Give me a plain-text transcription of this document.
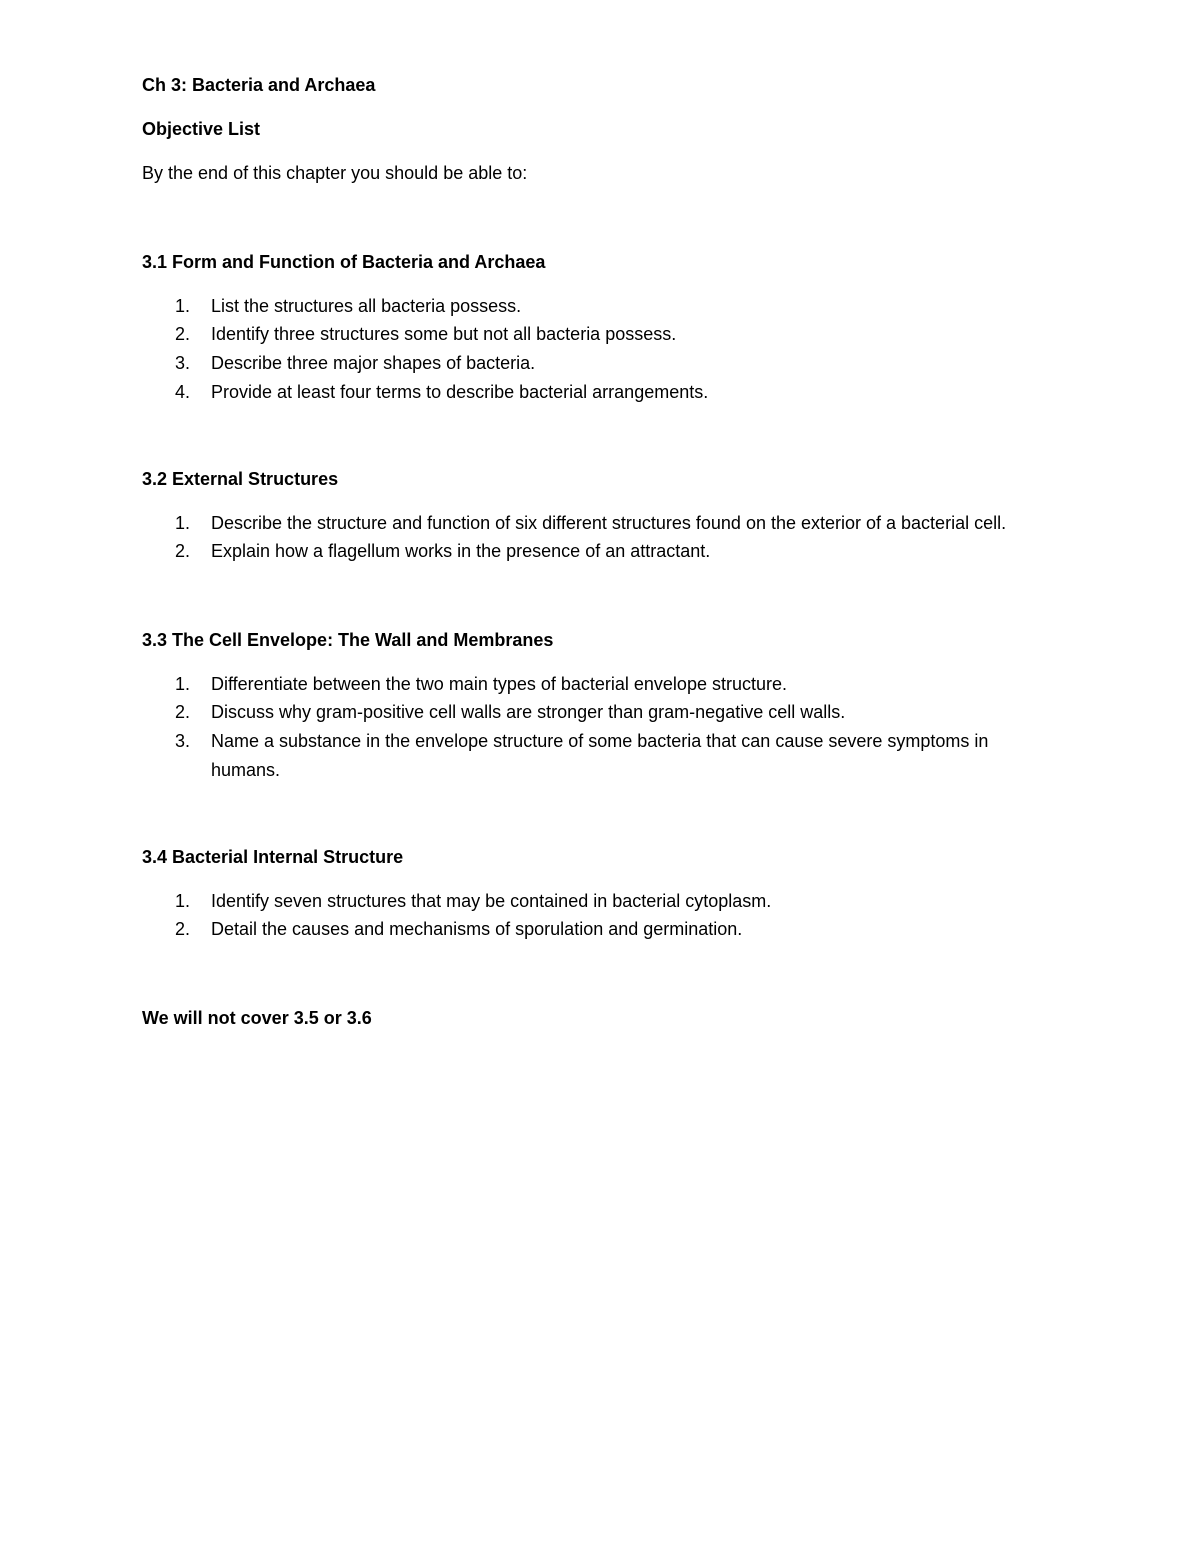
Ch 3: Bacteria and Archaea
Objective List
By the end of this chapter you should be able to:
3.1 Form and Function of Bacteria and Archaea
1.	List the structures all bacteria possess.
2.	Identify three structures some but not all bacteria possess.
3.	Describe three major shapes of bacteria.
4.	Provide at least four terms to describe bacterial arrangements.
3.2 External Structures
1.	Describe the structure and function of six different structures found on the exterior of a bacterial cell.
2.	Explain how a flagellum works in the presence of an attractant.
3.3 The Cell Envelope: The Wall and Membranes
1.	Differentiate between the two main types of bacterial envelope structure.
2.	Discuss why gram-positive cell walls are stronger than gram-negative cell walls.
3.	Name a substance in the envelope structure of some bacteria that can cause severe symptoms in
humans.
3.4 Bacterial Internal Structure
1.	Identify seven structures that may be contained in bacterial cytoplasm.
2.	Detail the causes and mechanisms of sporulation and germination.
We will not cover 3.5 or 3.6
